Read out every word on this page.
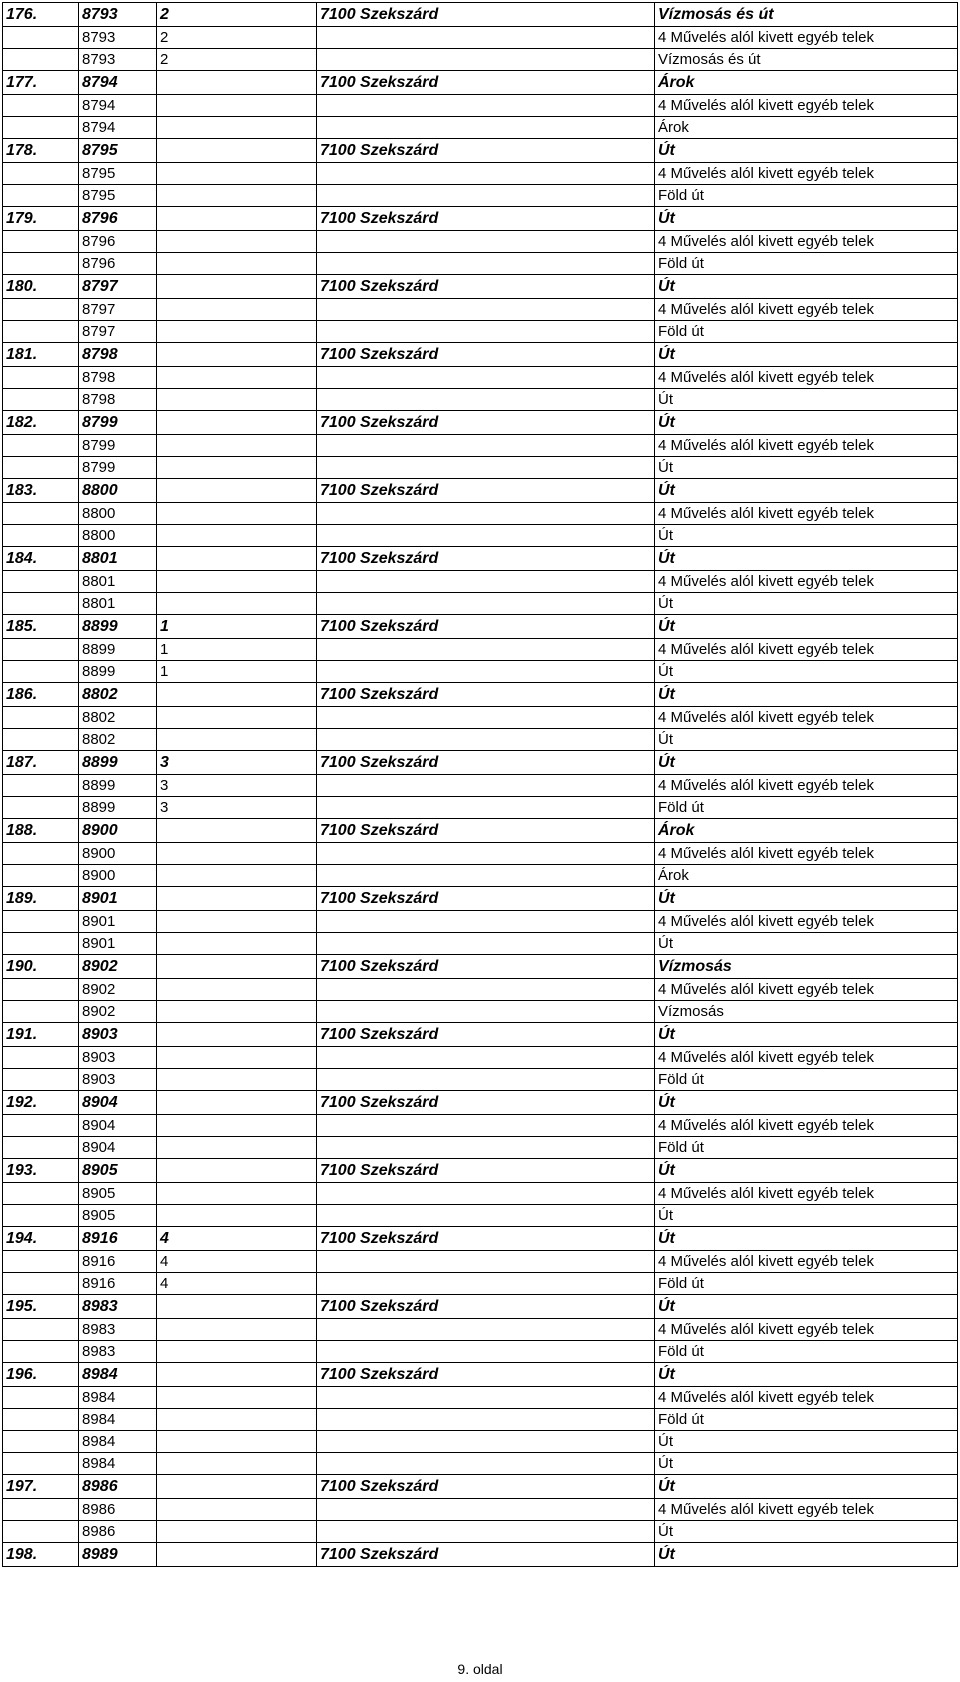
176.	8793	2	7100 Szekszárd	Vízmosás és út
	8793	2		4 Művelés alól kivett egyéb telek
	8793	2		Vízmosás és út
177.	8794		7100 Szekszárd	Árok
	8794			4 Művelés alól kivett egyéb telek
	8794			Árok
178.	8795		7100 Szekszárd	Út
	8795			4 Művelés alól kivett egyéb telek
	8795			Föld út
179.	8796		7100 Szekszárd	Út
	8796			4 Művelés alól kivett egyéb telek
	8796			Föld út
180.	8797		7100 Szekszárd	Út
	8797			4 Művelés alól kivett egyéb telek
	8797			Föld út
181.	8798		7100 Szekszárd	Út
	8798			4 Művelés alól kivett egyéb telek
	8798			Út
182.	8799		7100 Szekszárd	Út
	8799			4 Művelés alól kivett egyéb telek
	8799			Út
183.	8800		7100 Szekszárd	Út
	8800			4 Művelés alól kivett egyéb telek
	8800			Út
184.	8801		7100 Szekszárd	Út
	8801			4 Művelés alól kivett egyéb telek
	8801			Út
185.	8899	1	7100 Szekszárd	Út
	8899	1		4 Művelés alól kivett egyéb telek
	8899	1		Út
186.	8802		7100 Szekszárd	Út
	8802			4 Művelés alól kivett egyéb telek
	8802			Út
187.	8899	3	7100 Szekszárd	Út
	8899	3		4 Művelés alól kivett egyéb telek
	8899	3		Föld út
188.	8900		7100 Szekszárd	Árok
	8900			4 Művelés alól kivett egyéb telek
	8900			Árok
189.	8901		7100 Szekszárd	Út
	8901			4 Művelés alól kivett egyéb telek
	8901			Út
190.	8902		7100 Szekszárd	Vízmosás
	8902			4 Művelés alól kivett egyéb telek
	8902			Vízmosás
191.	8903		7100 Szekszárd	Út
	8903			4 Művelés alól kivett egyéb telek
	8903			Föld út
192.	8904		7100 Szekszárd	Út
	8904			4 Művelés alól kivett egyéb telek
	8904			Föld út
193.	8905		7100 Szekszárd	Út
	8905			4 Művelés alól kivett egyéb telek
	8905			Út
194.	8916	4	7100 Szekszárd	Út
	8916	4		4 Művelés alól kivett egyéb telek
	8916	4		Föld út
195.	8983		7100 Szekszárd	Út
	8983			4 Művelés alól kivett egyéb telek
	8983			Föld út
196.	8984		7100 Szekszárd	Út
	8984			4 Művelés alól kivett egyéb telek
	8984			Föld út
	8984			Út
	8984			Út
197.	8986		7100 Szekszárd	Út
	8986			4 Művelés alól kivett egyéb telek
	8986			Út
198.	8989		7100 Szekszárd	Út
9. oldal
